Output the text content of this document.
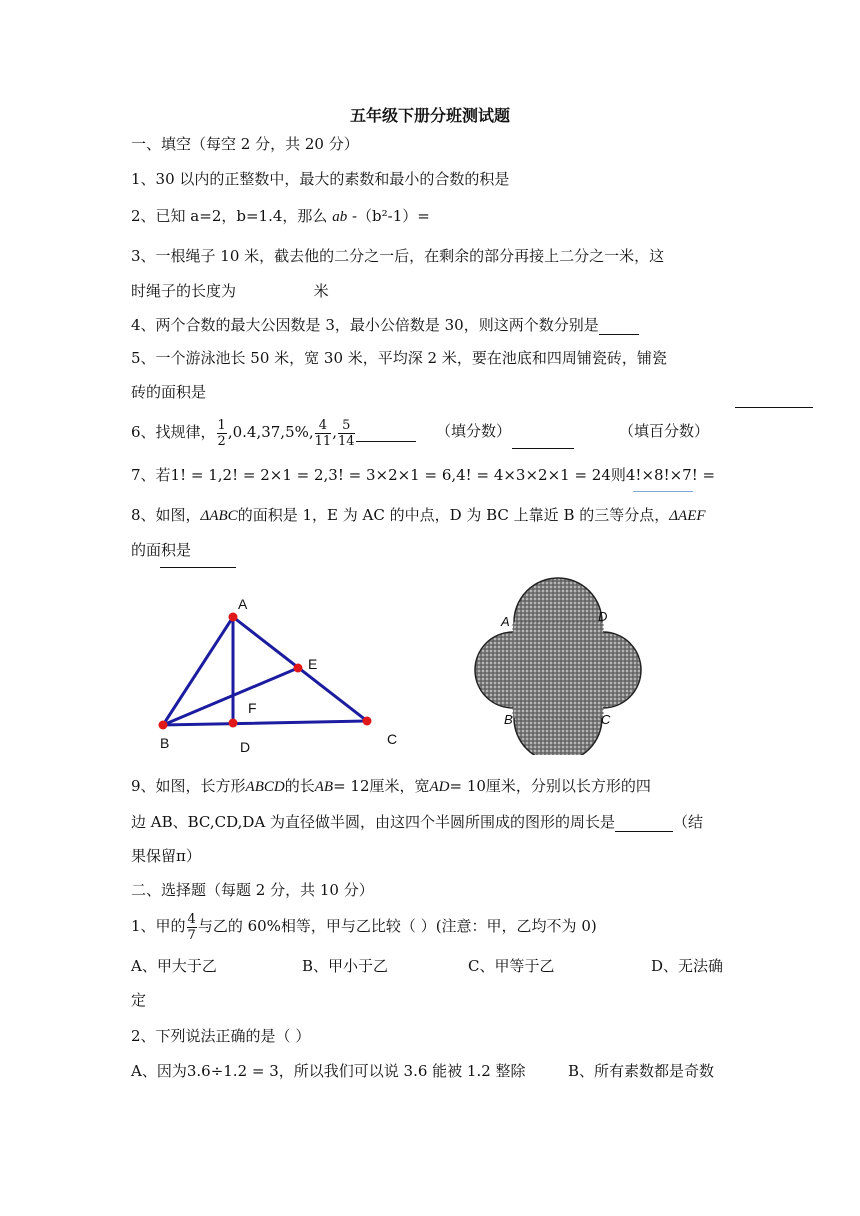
五年级下册分班测试题
一、填空（每空 2 分，共 20 分）
1、30 以内的正整数中，最大的素数和最小的合数的积是
2、已知 a=2，b=1.4，那么 ab -（b²-1）=
3、一根绳子 10 米，截去他的二分之一后，在剩余的部分再接上二分之一米，这
时绳子的长度为	米
4、两个合数的最大公因数是 3，最小公倍数是 30，则这两个数分别是
5、一个游泳池长 50 米，宽 30 米，平均深 2 米，要在池底和四周铺瓷砖，铺瓷
砖的面积是
6、找规律， $\frac{1}{2} ,0.4,37,5\%$, $\frac{4}{11}$ , $\frac{5}{14}$	（填分数）	（填百分数）
7、若1! = 1,2! = 2×1 = 2,3! = 3×2×1 = 6,4! = 4×3×2×1 = 24则4!×8!×7! =
8、如图，ΔABC的面积是 1，E 为 AC 的中点，D 为 BC 上靠近 B 的三等分点，ΔAEF
的面积是
A
E
F
B	D	C
A	D
B	C
9、如图，长方形ABCD的长AB= 12厘米，宽AD= 10厘米，分别以长方形的四
边 AB、BC,CD,DA 为直径做半圆，由这四个半圆所围成的图形的周长是	（结
果保留π）
二、选择题（每题 2 分，共 10 分）
1、甲的 $\frac{4}{7}$ 与乙的 60%相等，甲与乙比较（ ）(注意：甲，乙均不为 0)
A、甲大于乙	B、甲小于乙	C、甲等于乙	D、无法确
定
2、下列说法正确的是（ ）
A、因为3.6÷1.2 = 3，所以我们可以说 3.6 能被 1.2 整除	B、所有素数都是奇数
